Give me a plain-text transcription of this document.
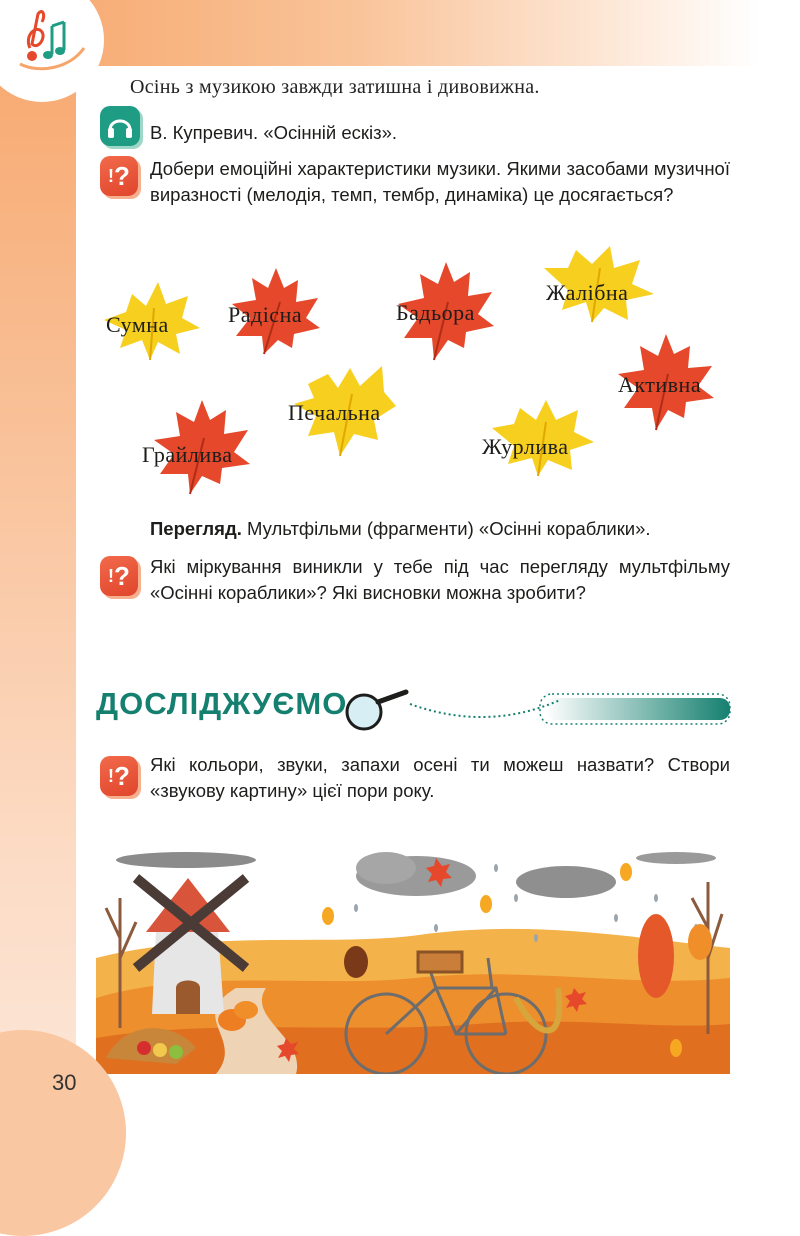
Осінь з музикою завжди затишна і дивовижна.
В. Купревич. «Осінній ескіз».
!?	Добери емоційні характеристики музики. Якими засобами музичної виразності (мелодія, темп, тембр, динаміка) це досягається?
Сумна	Радісна	Бадьора
Жалібна
Активна
Печальна
Грайлива	Журлива
Перегляд. Мультфільми (фрагменти) «Осінні кораблики».
!?	Які міркування виникли у тебе під час перегляду мультфільму «Осінні кораблики»? Які висновки можна зробити?
ДОСЛІДЖУЄМО
!?	Які кольори, звуки, запахи осені ти можеш назвати? Створи «звукову картину» цієї пори року.
30
